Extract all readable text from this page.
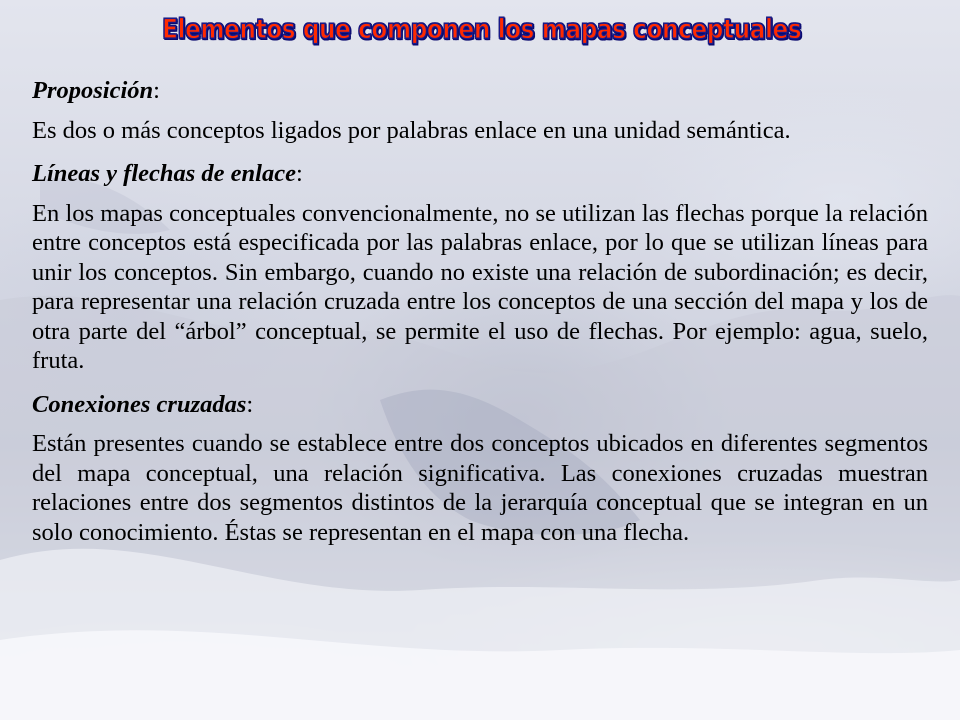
Elementos que componen los mapas conceptuales

Proposición:

Es dos o más conceptos ligados por palabras enlace en una unidad semántica.

Líneas y flechas de enlace:

En los mapas conceptuales convencionalmente, no se utilizan las flechas porque la relación entre conceptos está especificada por las palabras enlace, por lo que se utilizan líneas para unir los conceptos. Sin embargo, cuando no existe una relación de subordinación; es decir, para representar una relación cruzada entre los conceptos de una sección del mapa y los de otra parte del “árbol” conceptual, se permite el uso de flechas. Por ejemplo: agua, suelo, fruta.

Conexiones cruzadas:

Están presentes cuando se establece entre dos conceptos ubicados en diferentes segmentos del mapa conceptual, una relación significativa. Las conexiones cruzadas muestran relaciones entre dos segmentos distintos de la jerarquía conceptual que se integran en un solo conocimiento. Éstas se representan en el mapa con una flecha.
